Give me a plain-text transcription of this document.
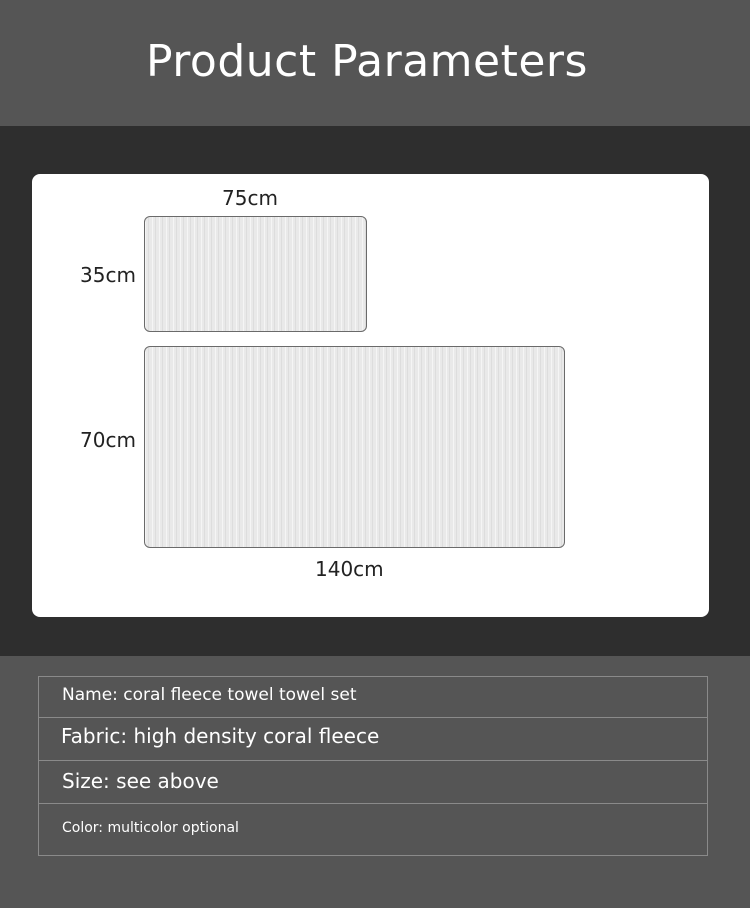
Product Parameters
75cm
35cm
70cm
140cm
Name: coral fleece towel towel set
Fabric: high density coral fleece
Size: see above
Color: multicolor optional
